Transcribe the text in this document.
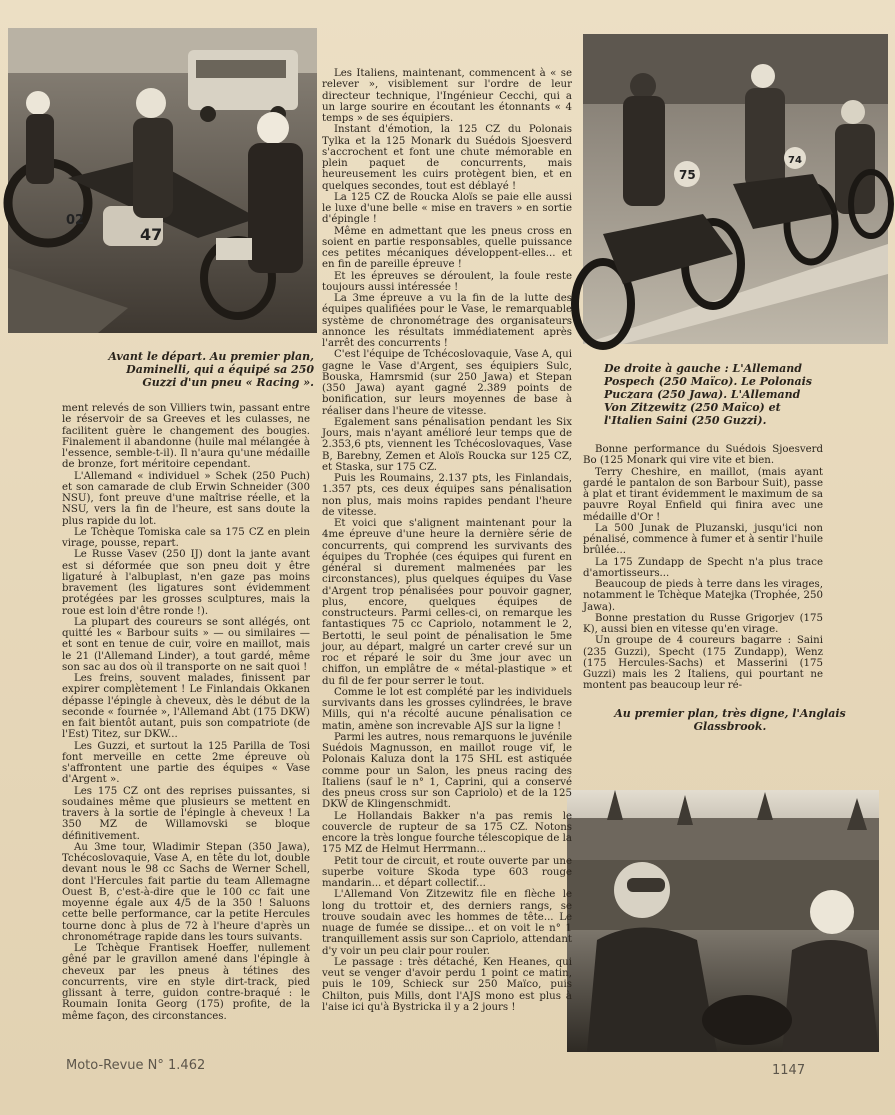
47
02
75
74
Avant le départ. Au premier plan, Daminelli, qui a équipé sa 250 Guzzi d'un pneu « Racing ».
De droite à gauche : L'Allemand Pospech (250 Maïco). Le Polonais Puczara (250 Jawa). L'Allemand Von Zitzewitz (250 Maïco) et l'Italien Saini (250 Guzzi).
Au premier plan, très digne, l'Anglais Glassbrook.

ment relevés de son Villiers twin, passant entre le réservoir de sa Greeves et les culasses, ne facilitent guère le changement des bougies. Finalement il abandonne (huile mal mélangée à l'essence, semble-t-il). Il n'aura qu'une médaille de bronze, fort méritoire cependant.

L'Allemand « individuel » Schek (250 Puch) et son camarade de club Erwin Schneider (300 NSU), font preuve d'une maîtrise réelle, et la NSU, vers la fin de l'heure, est sans doute la plus rapide du lot.

Le Tchèque Tomiska cale sa 175 CZ en plein virage, pousse, repart.

Le Russe Vasev (250 IJ) dont la jante avant est si déformée que son pneu doit y être ligaturé à l'albuplast, n'en gaze pas moins bravement (les ligatures sont évidemment protégées par les grosses sculptures, mais la roue est loin d'être ronde !).

La plupart des coureurs se sont allégés, ont quitté les « Barbour suits » — ou similaires — et sont en tenue de cuir, voire en maillot, mais le 21 (l'Allemand Linder), a tout gardé, même son sac au dos où il transporte on ne sait quoi !

Les freins, souvent malades, finissent par expirer complètement ! Le Finlandais Okkanen dépasse l'épingle à cheveux, dès le début de la seconde « fournée », l'Allemand Abt (175 DKW) en fait bientôt autant, puis son compatriote (de l'Est) Titez, sur DKW...

Les Guzzi, et surtout la 125 Parilla de Tosi font merveille en cette 2me épreuve où s'affrontent une partie des équipes « Vase d'Argent ».

Les 175 CZ ont des reprises puissantes, si soudaines même que plusieurs se mettent en travers à la sortie de l'épingle à cheveux ! La 350 MZ de Willamovski se bloque définitivement.

Au 3me tour, Wladimir Stepan (350 Jawa), Tchécoslovaquie, Vase A, en tête du lot, double devant nous le 98 cc Sachs de Werner Schell, dont l'Hercules fait partie du team Allemagne Ouest B, c'est-à-dire que le 100 cc fait une moyenne égale aux 4/5 de la 350 ! Saluons cette belle performance, car la petite Hercules tourne donc à plus de 72 à l'heure d'après un chronométrage rapide dans les tours suivants.

Le Tchèque Frantisek Hoeffer, nullement gêné par le gravillon amené dans l'épingle à cheveux par les pneus à tétines des concurrents, vire en style dirt-track, pied glissant à terre, guidon contre-braqué : le Roumain Ionita Georg (175) profite, de la même façon, des circonstances.

Les Italiens, maintenant, commencent à « se relever », visiblement sur l'ordre de leur directeur technique, l'Ingénieur Cecchi, qui a un large sourire en écoutant les étonnants « 4 temps » de ses équipiers.

Instant d'émotion, la 125 CZ du Polonais Tylka et la 125 Monark du Suédois Sjoesverd s'accrochent et font une chute mémorable en plein paquet de concurrents, mais heureusement les cuirs protègent bien, et en quelques secondes, tout est déblayé !

La 125 CZ de Roucka Aloïs se paie elle aussi le luxe d'une belle « mise en travers » en sortie d'épingle !

Même en admettant que les pneus cross en soient en partie responsables, quelle puissance ces petites mécaniques développent-elles... et en fin de pareille épreuve !

Et les épreuves se déroulent, la foule reste toujours aussi intéressée !

La 3me épreuve a vu la fin de la lutte des équipes qualifiées pour le Vase, le remarquable système de chronométrage des organisateurs annonce les résultats immédiatement après l'arrêt des concurrents !

C'est l'équipe de Tchécoslovaquie, Vase A, qui gagne le Vase d'Argent, ses équipiers Sulc, Bouska, Hamrsmid (sur 250 Jawa) et Stepan (350 Jawa) ayant gagné 2.389 points de bonification, sur leurs moyennes de base à réaliser dans l'heure de vitesse.

Egalement sans pénalisation pendant les Six Jours, mais n'ayant amélioré leur temps que de 2.353,6 pts, viennent les Tchécoslovaques, Vase B, Barebny, Zemen et Aloïs Roucka sur 125 CZ, et Staska, sur 175 CZ.

Puis les Roumains, 2.137 pts, les Finlandais, 1.357 pts, ces deux équipes sans pénalisation non plus, mais moins rapides pendant l'heure de vitesse.

Et voici que s'alignent maintenant pour la 4me épreuve d'une heure la dernière série de concurrents, qui comprend les survivants des équipes du Trophée (ces équipes qui furent en général si durement malmenées par les circonstances), plus quelques équipes du Vase d'Argent trop pénalisées pour pouvoir gagner, plus, encore, quelques équipes de constructeurs. Parmi celles-ci, on remarque les fantastiques 75 cc Capriolo, notamment le 2, Bertotti, le seul point de pénalisation le 5me jour, au départ, malgré un carter crevé sur un roc et réparé le soir du 3me jour avec un chiffon, un emplâtre de « métal-plastique » et du fil de fer pour serrer le tout.

Comme le lot est complété par les individuels survivants dans les grosses cylindrées, le brave Mills, qui n'a récolté aucune pénalisation ce matin, amène son increvable AJS sur la ligne !

Parmi les autres, nous remarquons le juvénile Suédois Magnusson, en maillot rouge vif, le Polonais Kaluza dont la 175 SHL est astiquée comme pour un Salon, les pneus racing des Italiens (sauf le n° 1, Caprini, qui a conservé des pneus cross sur son Capriolo) et de la 125 DKW de Klingenschmidt.

Le Hollandais Bakker n'a pas remis le couvercle de rupteur de sa 175 CZ. Notons encore la très longue fourche télescopique de la 175 MZ de Helmut Herrmann...

Petit tour de circuit, et route ouverte par une superbe voiture Skoda type 603 rouge mandarin... et départ collectif...

L'Allemand Von Zitzewitz file en flèche le long du trottoir et, des derniers rangs, se trouve soudain avec les hommes de tête... Le nuage de fumée se dissipe... et on voit le n° 1 tranquillement assis sur son Capriolo, attendant d'y voir un peu clair pour rouler.

Le passage : très détaché, Ken Heanes, qui veut se venger d'avoir perdu 1 point ce matin, puis le 109, Schieck sur 250 Maïco, puis Chilton, puis Mills, dont l'AJS mono est plus à l'aise ici qu'à Bystricka il y a 2 jours !

Bonne performance du Suédois Sjoesverd Bo (125 Monark qui vire vite et bien.

Terry Cheshire, en maillot, (mais ayant gardé le pantalon de son Barbour Suit), passe à plat et tirant évidemment le maximum de sa pauvre Royal Enfield qui finira avec une médaille d'Or !

La 500 Junak de Pluzanski, jusqu'ici non pénalisé, commence à fumer et à sentir l'huile brûlée...

La 175 Zundapp de Specht n'a plus trace d'amortisseurs...

Beaucoup de pieds à terre dans les virages, notamment le Tchèque Matejka (Trophée, 250 Jawa).

Bonne prestation du Russe Grigorjev (175 K), aussi bien en vitesse qu'en virage.

Un groupe de 4 coureurs bagarre : Saini (235 Guzzi), Specht (175 Zundapp), Wenz (175 Hercules-Sachs) et Masserini (175 Guzzi) mais les 2 Italiens, qui pourtant ne montent pas beaucoup leur ré-

Moto-Revue N° 1.462	1147
